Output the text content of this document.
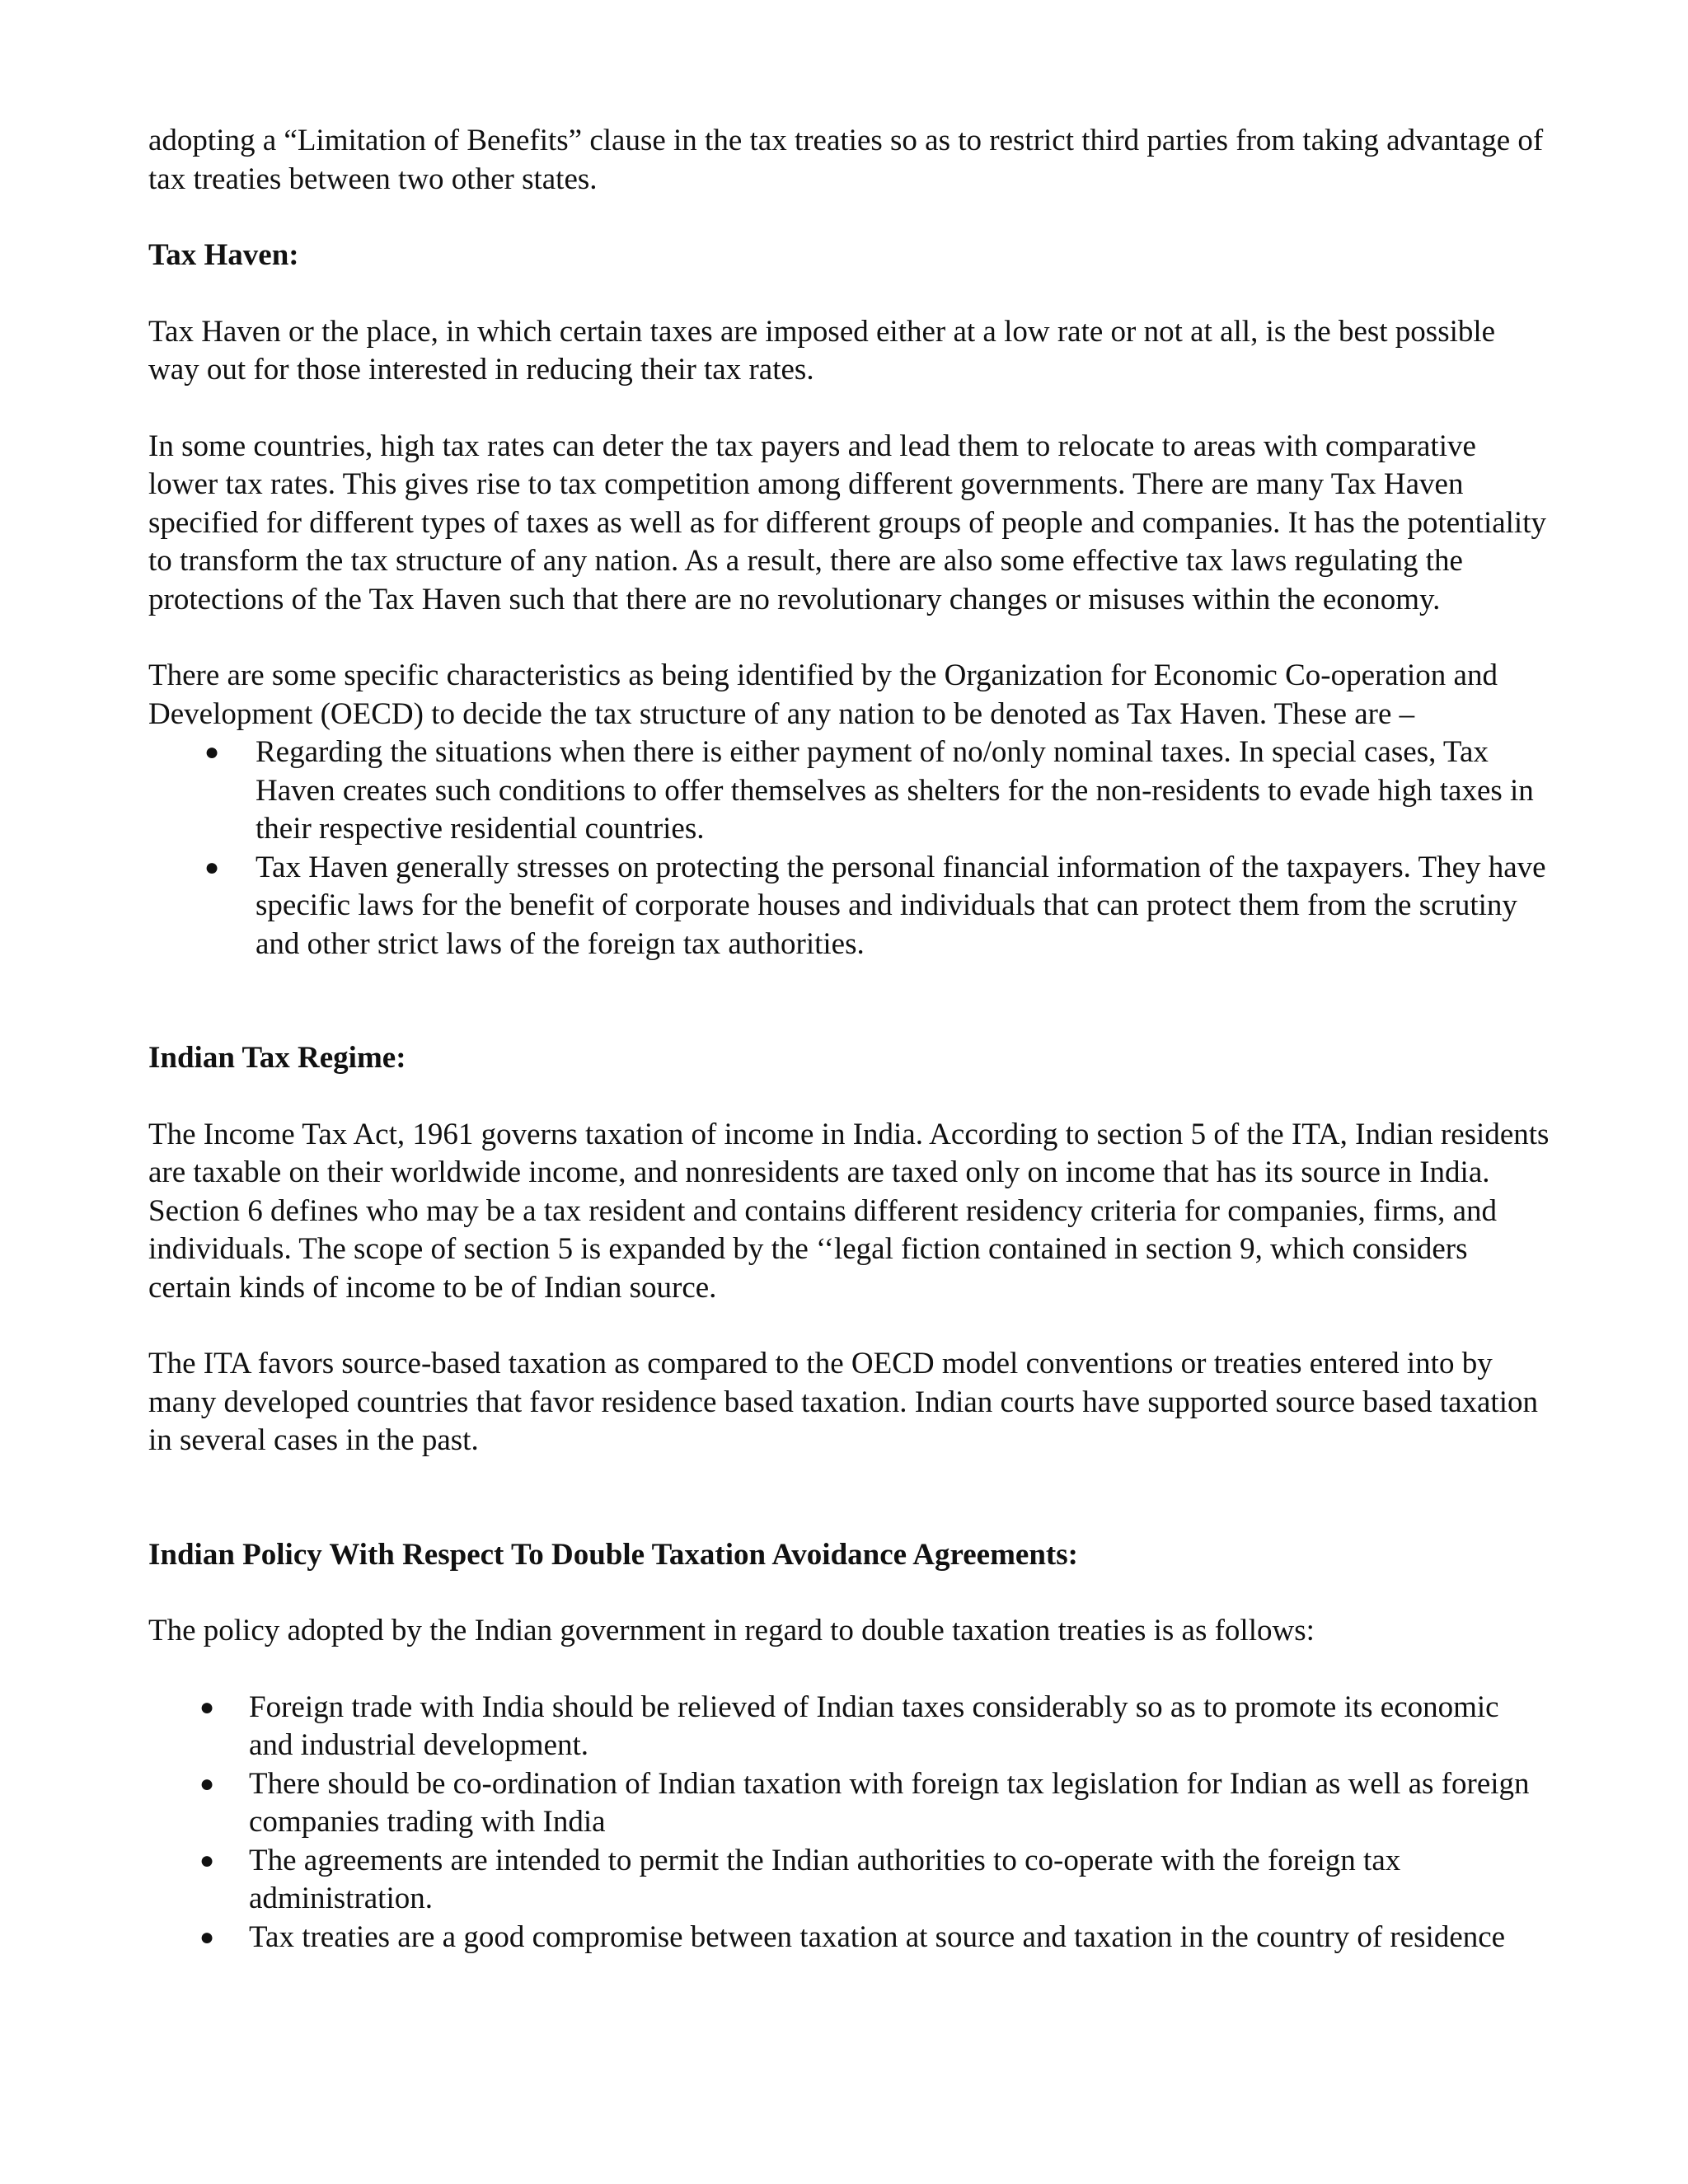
adopting a “Limitation of Benefits” clause in the tax treaties so as to restrict third parties from taking advantage of tax treaties between two other states.

Tax Haven:

Tax Haven or the place, in which certain taxes are imposed either at a low rate or not at all, is the best possible way out for those interested in reducing their tax rates.

In some countries, high tax rates can deter the tax payers and lead them to relocate to areas with comparative lower tax rates. This gives rise to tax competition among different governments. There are many Tax Haven specified for different types of taxes as well as for different groups of people and companies. It has the potentiality to transform the tax structure of any nation. As a result, there are also some effective tax laws regulating the protections of the Tax Haven such that there are no revolutionary changes or misuses within the economy.

There are some specific characteristics as being identified by the Organization for Economic Co-operation and Development (OECD) to decide the tax structure of any nation to be denoted as Tax Haven. These are –

● Regarding the situations when there is either payment of no/only nominal taxes. In special cases, Tax Haven creates such conditions to offer themselves as shelters for the non-residents to evade high taxes in their respective residential countries.
● Tax Haven generally stresses on protecting the personal financial information of the taxpayers. They have specific laws for the benefit of corporate houses and individuals that can protect them from the scrutiny and other strict laws of the foreign tax authorities.

Indian Tax Regime:

The Income Tax Act, 1961 governs taxation of income in India. According to section 5 of the ITA, Indian residents are taxable on their worldwide income, and nonresidents are taxed only on income that has its source in India. Section 6 defines who may be a tax resident and contains different residency criteria for companies, firms, and individuals. The scope of section 5 is expanded by the ‘‘legal fiction contained in section 9, which considers certain kinds of income to be of Indian source.

The ITA favors source-based taxation as compared to the OECD model conventions or treaties entered into by many developed countries that favor residence based taxation. Indian courts have supported source based taxation in several cases in the past.

Indian Policy With Respect To Double Taxation Avoidance Agreements:

The policy adopted by the Indian government in regard to double taxation treaties is as follows:

● Foreign trade with India should be relieved of Indian taxes considerably so as to promote its economic and industrial development.
● There should be co-ordination of Indian taxation with foreign tax legislation for Indian as well as foreign companies trading with India
● The agreements are intended to permit the Indian authorities to co-operate with the foreign tax administration.
● Tax treaties are a good compromise between taxation at source and taxation in the country of residence
